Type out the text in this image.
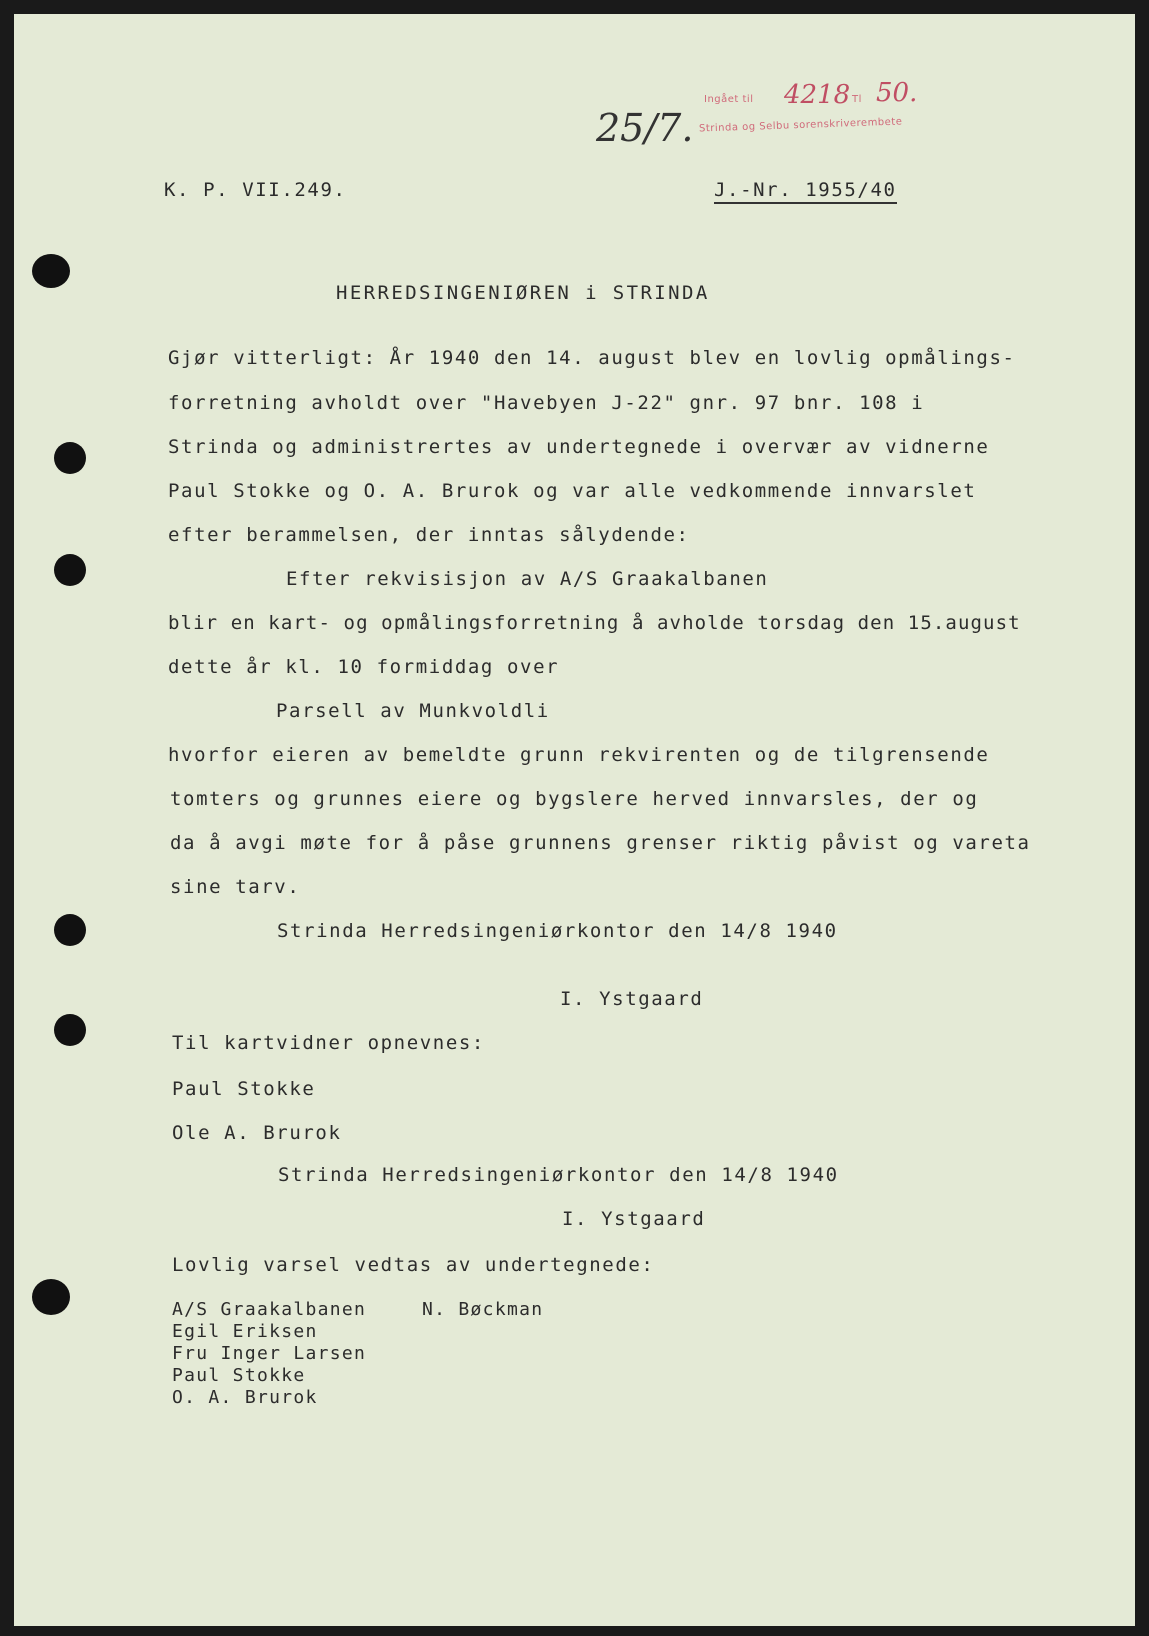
Ingået til 4218 Tl 50.
Strinda og Selbu sorenskriverembete
25/7.
K. P. VII.249.	J.-Nr. 1955/40
HERREDSINGENIØREN i STRINDA
Gjør vitterligt: År 1940 den 14. august blev en lovlig opmålings-
forretning avholdt over "Havebyen J-22" gnr. 97 bnr. 108 i
Strinda og administrertes av undertegnede i overvær av vidnerne
Paul Stokke og O. A. Brurok og var alle vedkommende innvarslet
efter berammelsen, der inntas sålydende:
Efter rekvisisjon av A/S Graakalbanen
blir en kart- og opmålingsforretning å avholde torsdag den 15.august
dette år kl. 10 formiddag over
Parsell av Munkvoldli
hvorfor eieren av bemeldte grunn rekvirenten og de tilgrensende
tomters og grunnes eiere og bygslere herved innvarsles, der og
da å avgi møte for å påse grunnens grenser riktig påvist og vareta
sine tarv.
Strinda Herredsingeniørkontor den 14/8 1940
I. Ystgaard
Til kartvidner opnevnes:
Paul Stokke
Ole A. Brurok
Strinda Herredsingeniørkontor den 14/8 1940
I. Ystgaard
Lovlig varsel vedtas av undertegnede:
A/S Graakalbanen
Egil Eriksen
Fru Inger Larsen
Paul Stokke
O. A. Brurok
N. Bøckman
